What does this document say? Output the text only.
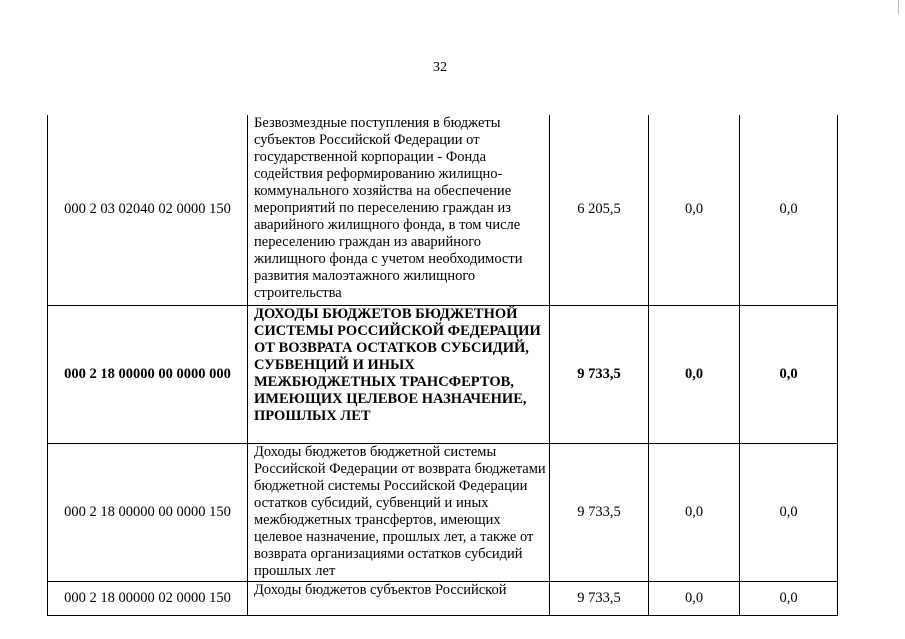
32
000 2 03 02040 02 0000 150	Безвозмездные поступления в бюджеты субъектов Российской Федерации от государственной корпорации - Фонда содействия реформированию жилищно-коммунального хозяйства на обеспечение мероприятий по переселению граждан из аварийного жилищного фонда, в том числе переселению граждан из аварийного жилищного фонда с учетом необходимости развития малоэтажного жилищного строительства	6 205,5	0,0	0,0
000 2 18 00000 00 0000 000	ДОХОДЫ БЮДЖЕТОВ БЮДЖЕТНОЙ СИСТЕМЫ РОССИЙСКОЙ ФЕДЕРАЦИИ ОТ ВОЗВРАТА ОСТАТКОВ СУБСИДИЙ, СУБВЕНЦИЙ И ИНЫХ МЕЖБЮДЖЕТНЫХ ТРАНСФЕРТОВ, ИМЕЮЩИХ ЦЕЛЕВОЕ НАЗНАЧЕНИЕ, ПРОШЛЫХ ЛЕТ	9 733,5	0,0	0,0
000 2 18 00000 00 0000 150	Доходы бюджетов бюджетной системы Российской Федерации от возврата бюджетами бюджетной системы Российской Федерации остатков субсидий, субвенций и иных межбюджетных трансфертов, имеющих целевое назначение, прошлых лет, а также от возврата организациями остатков субсидий прошлых лет	9 733,5	0,0	0,0
000 2 18 00000 02 0000 150	Доходы бюджетов субъектов Российской	9 733,5	0,0	0,0
